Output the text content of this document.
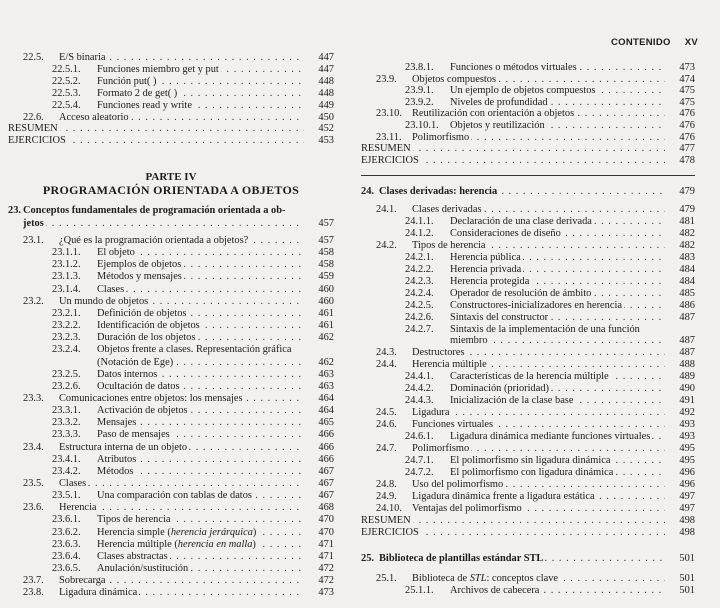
CONTENIDO XV
22.5. E/S binaria . . .	447
22.5.1. Funciones miembro get y put . . .	447
22.5.2. Función put( ) . . .	448
22.5.3. Formato 2 de get( ) . . .	448
22.5.4. Funciones read y write . . .	449
22.6. Acceso aleatorio . . .	450
RESUMEN . . .	452
EJERCICIOS . . .	453
PARTE IV
PROGRAMACIÓN ORIENTADA A OBJETOS
23. Conceptos fundamentales de programación orientada a ob-
jetos . . .	457
23.1. ¿Qué es la programación orientada a objetos? . . .	457
23.1.1. El objeto . . .	458
23.1.2. Ejemplos de objetos . . .	458
23.1.3. Métodos y mensajes . . .	459
23.1.4. Clases . . .	460
23.2. Un mundo de objetos . . .	460
23.2.1. Definición de objetos . . .	461
23.2.2. Identificación de objetos . . .	461
23.2.3. Duración de los objetos . . .	462
23.2.4. Objetos frente a clases. Representación gráfica
(Notación de Ege) . . .	462
23.2.5. Datos internos . . .	463
23.2.6. Ocultación de datos . . .	463
23.3. Comunicaciones entre objetos: los mensajes . . .	464
23.3.1. Activación de objetos . . .	464
23.3.2. Mensajes . . .	465
23.3.3. Paso de mensajes . . .	466
23.4. Estructura interna de un objeto . . .	466
23.4.1. Atributos . . .	466
23.4.2. Métodos . . .	467
23.5. Clases . . .	467
23.5.1. Una comparación con tablas de datos . . .	467
23.6. Herencia . . .	468
23.6.1. Tipos de herencia . . .	470
23.6.2. Herencia simple (herencia jerárquica) . . .	470
23.6.3. Herencia múltiple (herencia en malla) . . .	471
23.6.4. Clases abstractas . . .	471
23.6.5. Anulación/sustitución . . .	472
23.7. Sobrecarga . . .	472
23.8. Ligadura dinámica . . .	473
23.8.1. Funciones o métodos virtuales . . .	473
23.9. Objetos compuestos . . .	474
23.9.1. Un ejemplo de objetos compuestos . . .	475
23.9.2. Niveles de profundidad . . .	475
23.10. Reutilización con orientación a objetos . . .	476
23.10.1. Objetos y reutilización . . .	476
23.11. Polimorfismo . . .	476
RESUMEN . . .	477
EJERCICIOS . . .	478
24. Clases derivadas: herencia . . .	479
24.1. Clases derivadas . . .	479
24.1.1. Declaración de una clase derivada . . .	481
24.1.2. Consideraciones de diseño . . .	482
24.2. Tipos de herencia . . .	482
24.2.1. Herencia pública . . .	483
24.2.2. Herencia privada . . .	484
24.2.3. Herencia protegida . . .	484
24.2.4. Operador de resolución de ámbito . . .	485
24.2.5. Constructores-inicializadores en herencia . . .	486
24.2.6. Sintaxis del constructor . . .	487
24.2.7. Sintaxis de la implementación de una función
miembro . . .	487
24.3. Destructores . . .	487
24.4. Herencia múltiple . . .	488
24.4.1. Características de la herencia múltiple . . .	489
24.4.2. Dominación (prioridad) . . .	490
24.4.3. Inicialización de la clase base . . .	491
24.5. Ligadura . . .	492
24.6. Funciones virtuales . . .	493
24.6.1. Ligadura dinámica mediante funciones virtuales . . .	493
24.7. Polimorfismo . . .	495
24.7.1. El polimorfismo sin ligadura dinámica . . .	495
24.7.2. El polimorfismo con ligadura dinámica . . .	496
24.8. Uso del polimorfismo . . .	496
24.9. Ligadura dinámica frente a ligadura estática . . .	497
24.10. Ventajas del polimorfismo . . .	497
RESUMEN . . .	498
EJERCICIOS . . .	498
25. Biblioteca de plantillas estándar STL . . .	501
25.1. Biblioteca de STL: conceptos clave . . .	501
25.1.1. Archivos de cabecera . . .	501
